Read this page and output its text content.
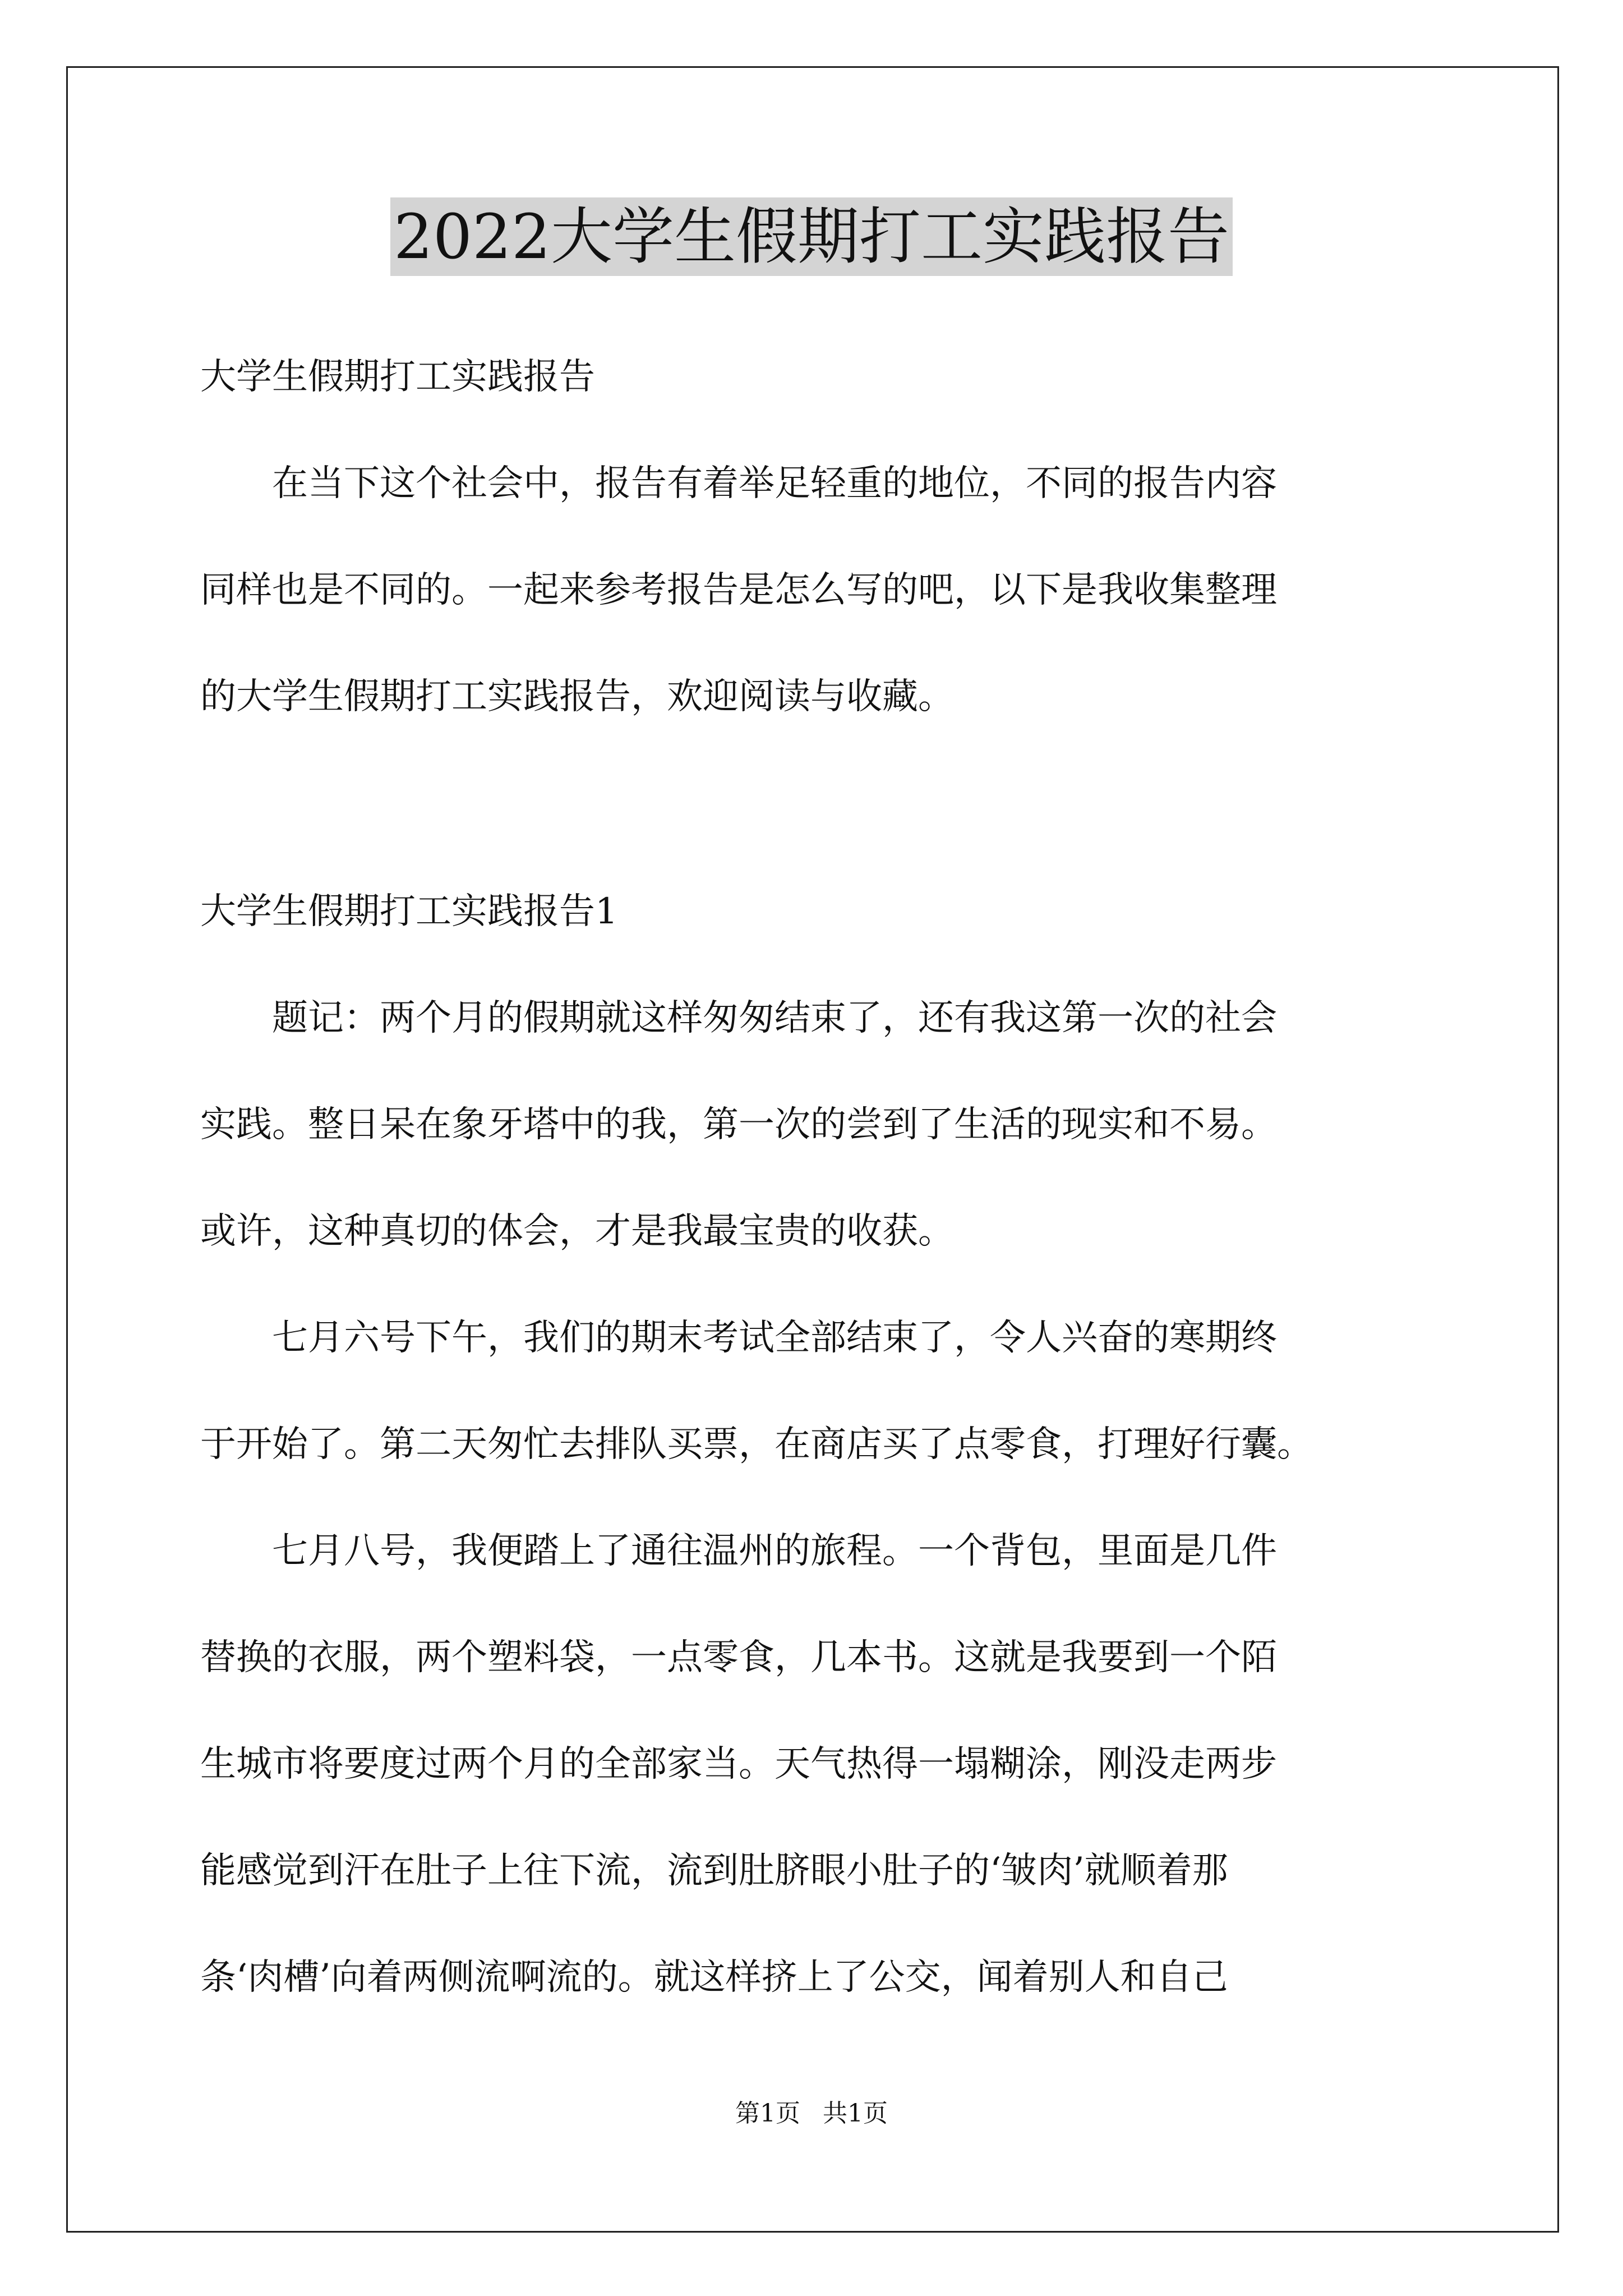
2022大学生假期打工实践报告
大学生假期打工实践报告
　　在当下这个社会中，报告有着举足轻重的地位，不同的报告内容
同样也是不同的。一起来参考报告是怎么写的吧，以下是我收集整理
的大学生假期打工实践报告，欢迎阅读与收藏。
大学生假期打工实践报告1
　　题记：两个月的假期就这样匆匆结束了，还有我这第一次的社会
实践。整日呆在象牙塔中的我，第一次的尝到了生活的现实和不易。
或许，这种真切的体会，才是我最宝贵的收获。
　　七月六号下午，我们的期末考试全部结束了，令人兴奋的寒期终
于开始了。第二天匆忙去排队买票，在商店买了点零食，打理好行囊。
　　七月八号，我便踏上了通往温州的旅程。一个背包，里面是几件
替换的衣服，两个塑料袋，一点零食，几本书。这就是我要到一个陌
生城市将要度过两个月的全部家当。天气热得一塌糊涂，刚没走两步
能感觉到汗在肚子上往下流，流到肚脐眼小肚子的‘皱肉’就顺着那
条‘肉槽’向着两侧流啊流的。就这样挤上了公交，闻着别人和自己
第1页 共1页
